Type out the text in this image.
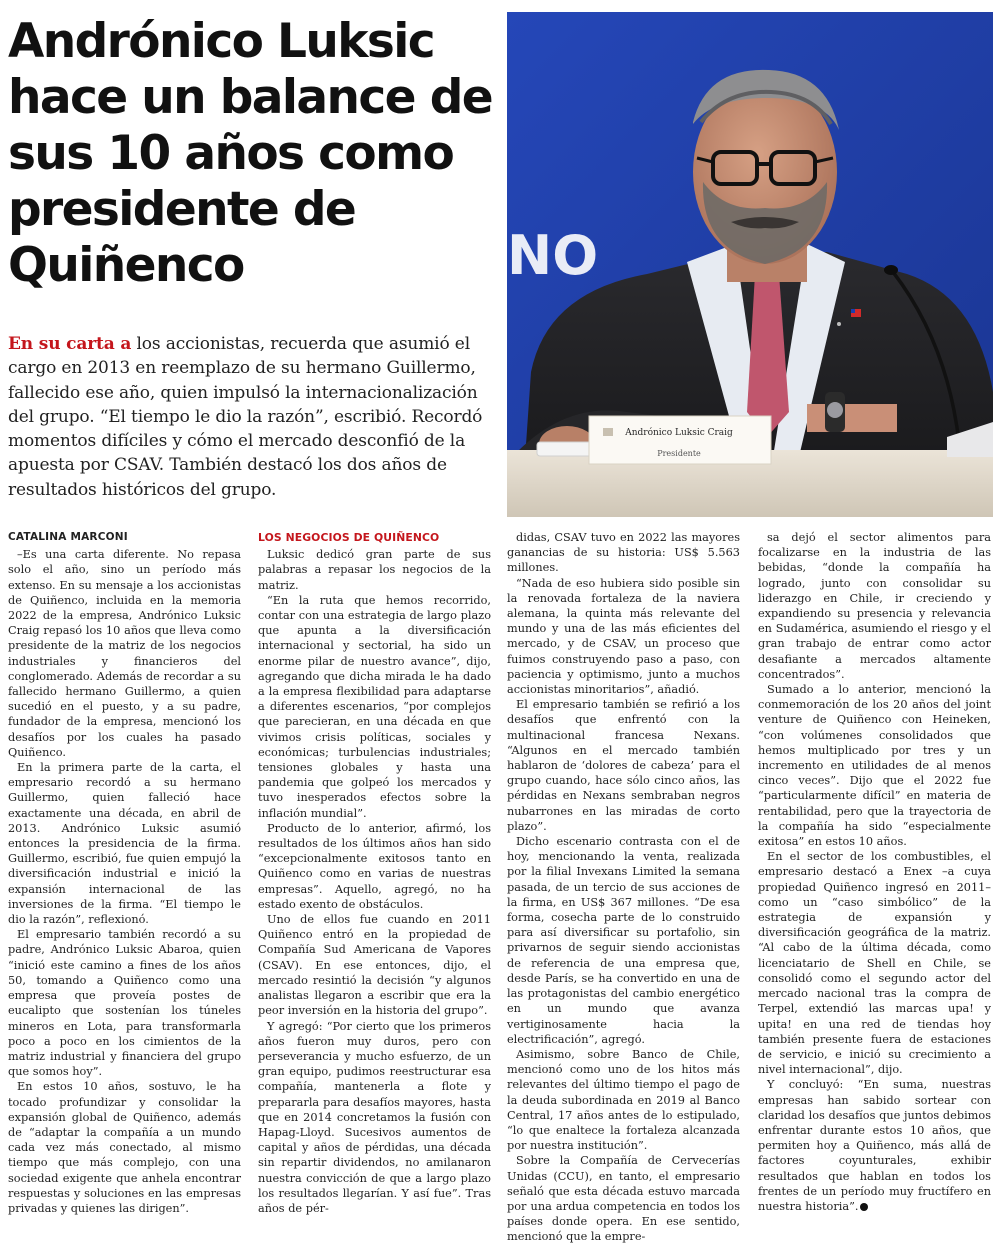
Andrónico Luksic hace un balance de sus 10 años como presidente de Quiñenco

En su carta a los accionistas, recuerda que asumió el cargo en 2013 en reemplazo de su hermano Guillermo, fallecido ese año, quien impulsó la internacionalización del grupo. “El tiempo le dio la razón”, escribió. Recordó momentos difíciles y cómo el mercado desconfió de la apuesta por CSAV. También destacó los dos años de resultados históricos del grupo.

NO
Andrónico Luksic Craig
Presidente
CATALINA MARCONI

–Es una carta diferente. No repasa solo el año, sino un período más extenso. En su mensaje a los accionistas de Quiñenco, incluida en la memoria 2022 de la empresa, Andrónico Luksic Craig repasó los 10 años que lleva como presidente de la matriz de los negocios industriales y financieros del conglomerado. Además de recordar a su fallecido hermano Guillermo, a quien sucedió en el puesto, y a su padre, fundador de la empresa, mencionó los desafíos por los cuales ha pasado Quiñenco.

En la primera parte de la carta, el empresario recordó a su hermano Guillermo, quien falleció hace exactamente una década, en abril de 2013. Andrónico Luksic asumió entonces la presidencia de la firma. Guillermo, escribió, fue quien empujó la diversificación industrial e inició la expansión internacional de las inversiones de la firma. “El tiempo le dio la razón”, reflexionó.

El empresario también recordó a su padre, Andrónico Luksic Abaroa, quien “inició este camino a fines de los años 50, tomando a Quiñenco como una empresa que proveía postes de eucalipto que sostenían los túneles mineros en Lota, para transformarla poco a poco en los cimientos de la matriz industrial y financiera del grupo que somos hoy”.

En estos 10 años, sostuvo, le ha tocado profundizar y consolidar la expansión global de Quiñenco, además de “adaptar la compañía a un mundo cada vez más conectado, al mismo tiempo que más complejo, con una sociedad exigente que anhela encontrar respuestas y soluciones en las empresas privadas y quienes las dirigen”.

LOS NEGOCIOS DE QUIÑENCO

Luksic dedicó gran parte de sus palabras a repasar los negocios de la matriz.

“En la ruta que hemos recorrido, contar con una estrategia de largo plazo que apunta a la diversificación internacional y sectorial, ha sido un enorme pilar de nuestro avance”, dijo, agregando que dicha mirada le ha dado a la empresa flexibilidad para adaptarse a diferentes escenarios, “por complejos que parecieran, en una década en que vivimos crisis políticas, sociales y económicas; turbulencias industriales; tensiones globales y hasta una pandemia que golpeó los mercados y tuvo inesperados efectos sobre la inflación mundial”.

Producto de lo anterior, afirmó, los resultados de los últimos años han sido “excepcionalmente exitosos tanto en Quiñenco como en varias de nuestras empresas”. Aquello, agregó, no ha estado exento de obstáculos.

Uno de ellos fue cuando en 2011 Quiñenco entró en la propiedad de Compañía Sud Americana de Vapores (CSAV). En ese entonces, dijo, el mercado resintió la decisión “y algunos analistas llegaron a escribir que era la peor inversión en la historia del grupo”.

Y agregó: “Por cierto que los primeros años fueron muy duros, pero con perseverancia y mucho esfuerzo, de un gran equipo, pudimos reestructurar esa compañía, mantenerla a flote y prepararla para desafíos mayores, hasta que en 2014 concretamos la fusión con Hapag-Lloyd. Sucesivos aumentos de capital y años de pérdidas, una década sin repartir dividendos, no amilanaron nuestra convicción de que a largo plazo los resultados llegarían. Y así fue”. Tras años de pér-

didas, CSAV tuvo en 2022 las mayores ganancias de su historia: US$ 5.563 millones.

“Nada de eso hubiera sido posible sin la renovada fortaleza de la naviera alemana, la quinta más relevante del mundo y una de las más eficientes del mercado, y de CSAV, un proceso que fuimos construyendo paso a paso, con paciencia y optimismo, junto a muchos accionistas minoritarios”, añadió.

El empresario también se refirió a los desafíos que enfrentó con la multinacional francesa Nexans. “Algunos en el mercado también hablaron de ‘dolores de cabeza’ para el grupo cuando, hace sólo cinco años, las pérdidas en Nexans sembraban negros nubarrones en las miradas de corto plazo”.

Dicho escenario contrasta con el de hoy, mencionando la venta, realizada por la filial Invexans Limited la semana pasada, de un tercio de sus acciones de la firma, en US$ 367 millones. “De esa forma, cosecha parte de lo construido para así diversificar su portafolio, sin privarnos de seguir siendo accionistas de referencia de una empresa que, desde París, se ha convertido en una de las protagonistas del cambio energético en un mundo que avanza vertiginosamente hacia la electrificación”, agregó.

Asimismo, sobre Banco de Chile, mencionó como uno de los hitos más relevantes del último tiempo el pago de la deuda subordinada en 2019 al Banco Central, 17 años antes de lo estipulado, “lo que enaltece la fortaleza alcanzada por nuestra institución”.

Sobre la Compañía de Cervecerías Unidas (CCU), en tanto, el empresario señaló que esta década estuvo marcada por una ardua competencia en todos los países donde opera. En ese sentido, mencionó que la empre-

sa dejó el sector alimentos para focalizarse en la industria de las bebidas, “donde la compañía ha logrado, junto con consolidar su liderazgo en Chile, ir creciendo y expandiendo su presencia y relevancia en Sudamérica, asumiendo el riesgo y el gran trabajo de entrar como actor desafiante a mercados altamente concentrados”.

Sumado a lo anterior, mencionó la conmemoración de los 20 años del joint venture de Quiñenco con Heineken, “con volúmenes consolidados que hemos multiplicado por tres y un incremento en utilidades de al menos cinco veces”. Dijo que el 2022 fue “particularmente difícil” en materia de rentabilidad, pero que la trayectoria de la compañía ha sido “especialmente exitosa” en estos 10 años.

En el sector de los combustibles, el empresario destacó a Enex –a cuya propiedad Quiñenco ingresó en 2011– como un “caso simbólico” de la estrategia de expansión y diversificación geográfica de la matriz. “Al cabo de la última década, como licenciatario de Shell en Chile, se consolidó como el segundo actor del mercado nacional tras la compra de Terpel, extendió las marcas upa! y upita! en una red de tiendas hoy también presente fuera de estaciones de servicio, e inició su crecimiento a nivel internacional”, dijo.

Y concluyó: “En suma, nuestras empresas han sabido sortear con claridad los desafíos que juntos debimos enfrentar durante estos 10 años, que permiten hoy a Quiñenco, más allá de factores coyunturales, exhibir resultados que hablan en todos los frentes de un período muy fructífero en nuestra historia”.
